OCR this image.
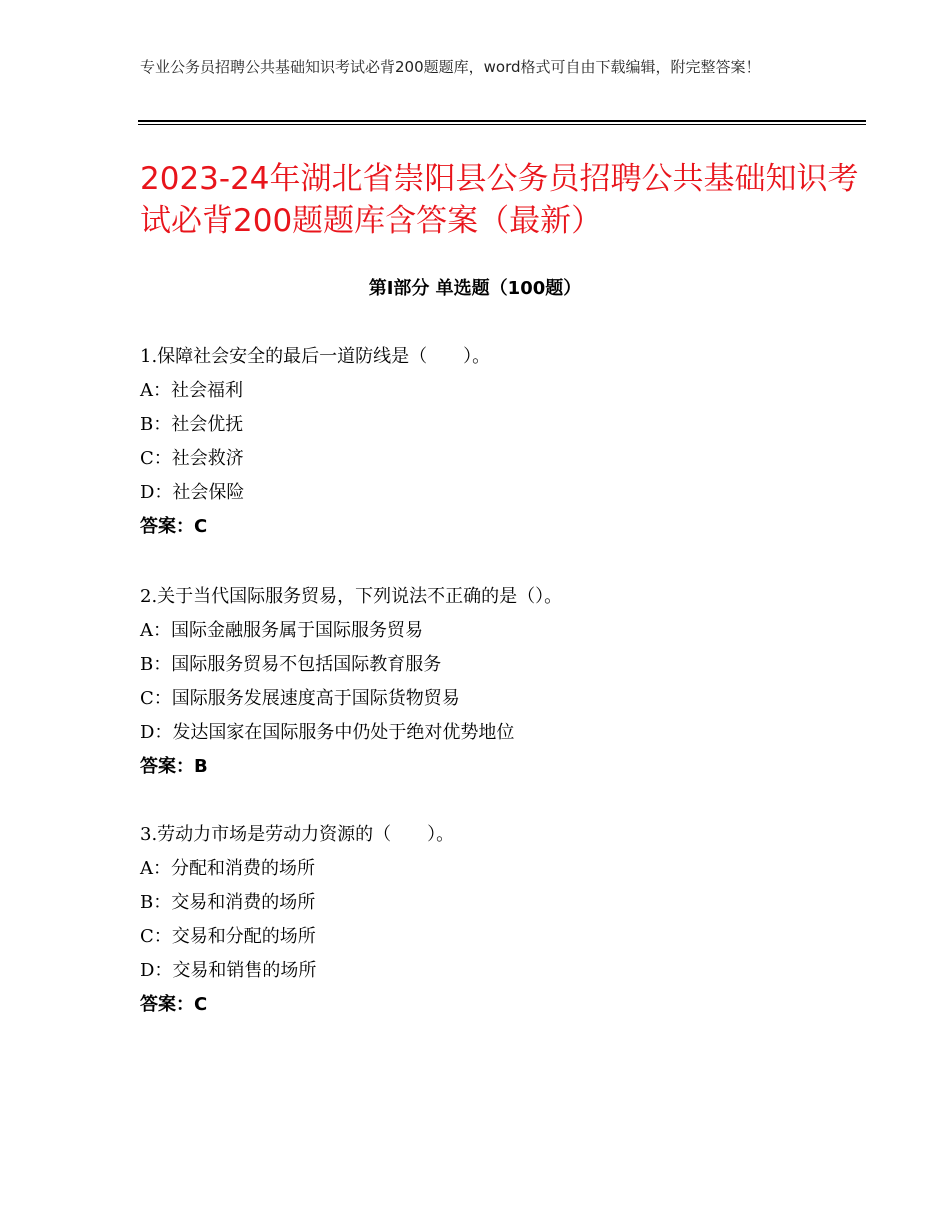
专业公务员招聘公共基础知识考试必背200题题库，word格式可自由下载编辑，附完整答案！
2023-24年湖北省崇阳县公务员招聘公共基础知识考试必背200题题库含答案（最新）
第Ⅰ部分 单选题（100题）
1.保障社会安全的最后一道防线是（　　）。
A：社会福利
B：社会优抚
C：社会救济
D：社会保险
答案：C
2.关于当代国际服务贸易，下列说法不正确的是（）。
A：国际金融服务属于国际服务贸易
B：国际服务贸易不包括国际教育服务
C：国际服务发展速度高于国际货物贸易
D：发达国家在国际服务中仍处于绝对优势地位
答案：B
3.劳动力市场是劳动力资源的（　　）。
A：分配和消费的场所
B：交易和消费的场所
C：交易和分配的场所
D：交易和销售的场所
答案：C
